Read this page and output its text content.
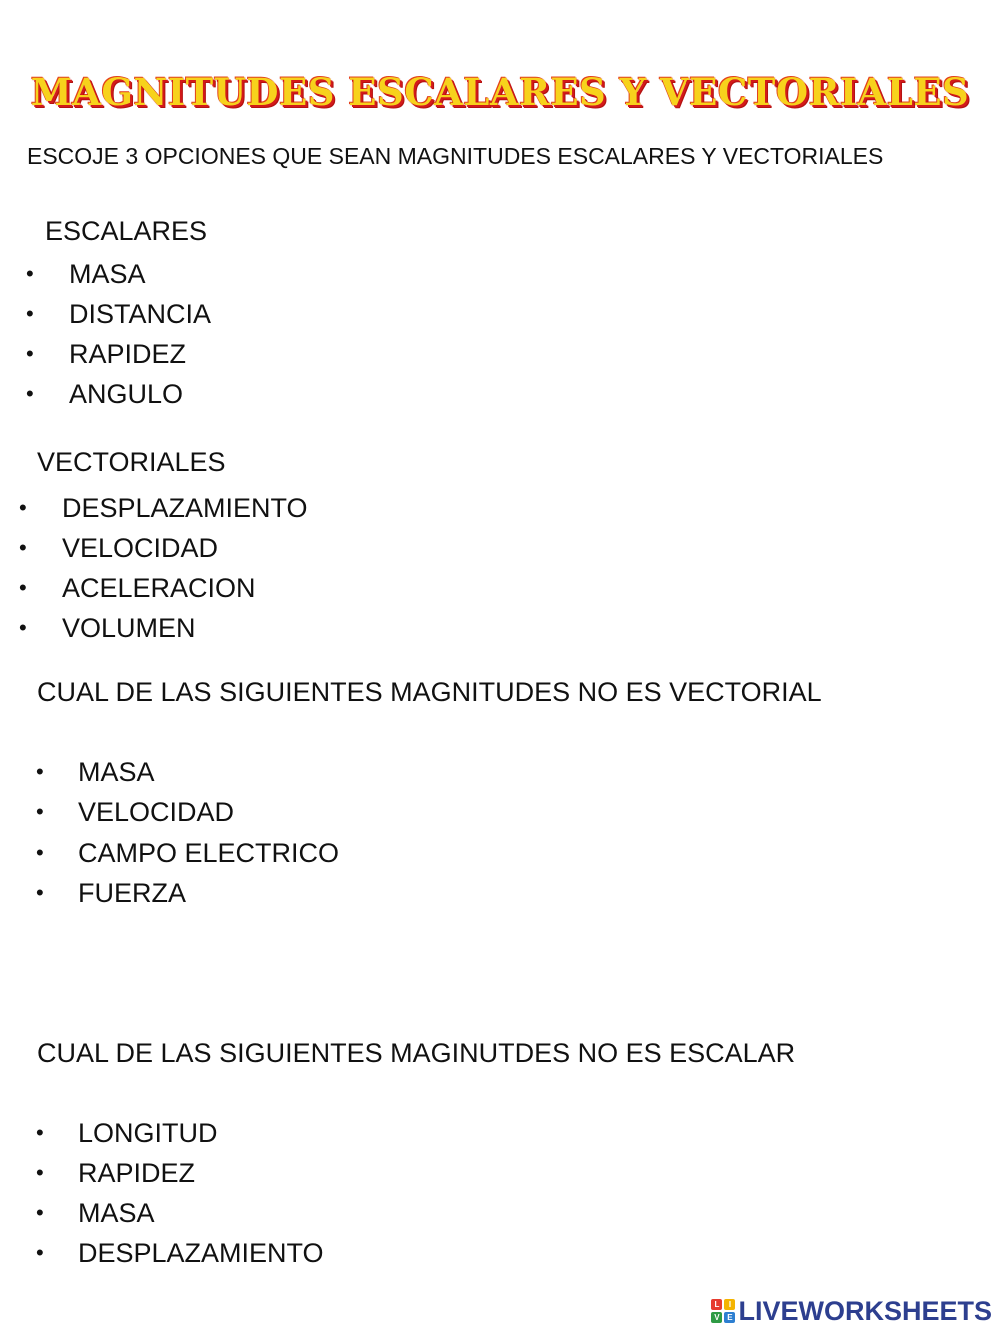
MAGNITUDES ESCALARES Y VECTORIALES
ESCOJE 3 OPCIONES QUE SEAN MAGNITUDES ESCALARES Y VECTORIALES
ESCALARES
• MASA
• DISTANCIA
• RAPIDEZ
• ANGULO
VECTORIALES
• DESPLAZAMIENTO
• VELOCIDAD
• ACELERACION
• VOLUMEN
CUAL DE LAS SIGUIENTES MAGNITUDES NO ES VECTORIAL
• MASA
• VELOCIDAD
• CAMPO ELECTRICO
• FUERZA
CUAL DE LAS SIGUIENTES MAGINUTDES NO ES ESCALAR
• LONGITUD
• RAPIDEZ
• MASA
• DESPLAZAMIENTO
L	I
V E LIVEWORKSHEETS
